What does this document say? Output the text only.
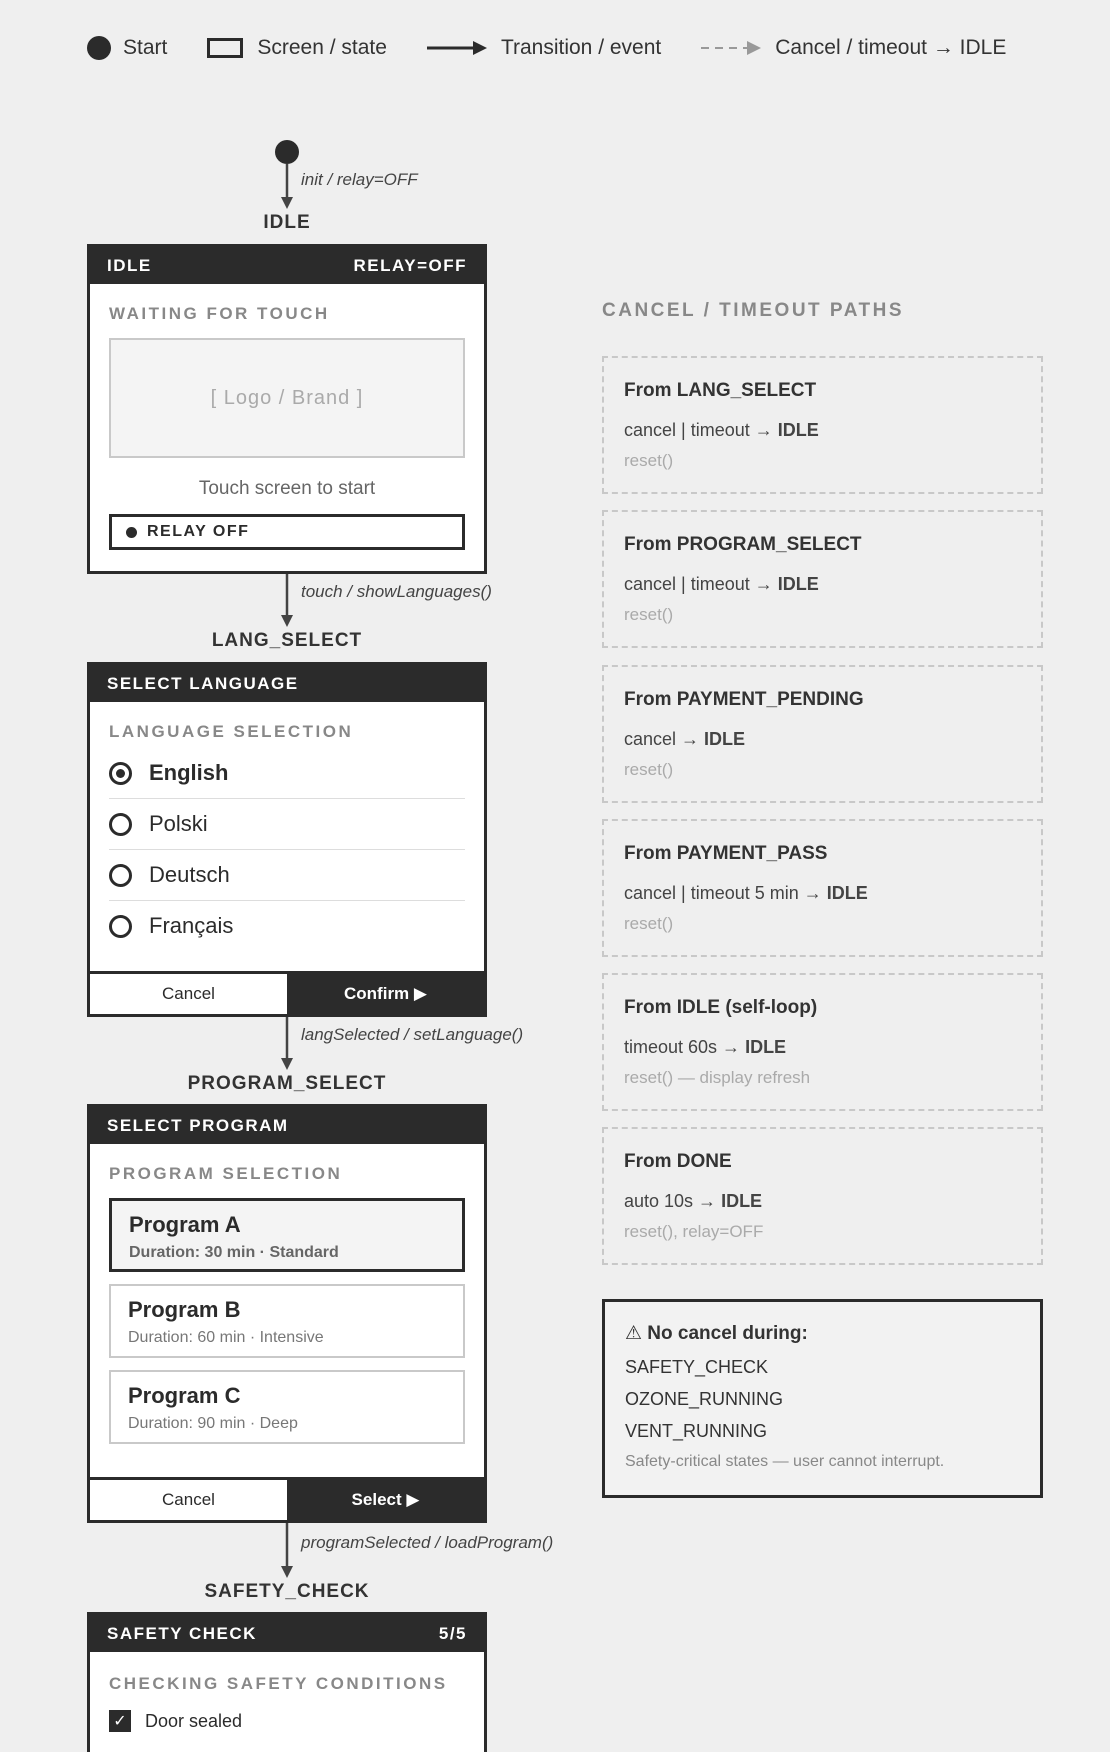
Start	Screen / state	Transition / event	Cancel / timeout → IDLE
init / relay=OFF
IDLE
IDLE	RELAY=OFF
WAITING FOR TOUCH
[ Logo / Brand ]
Touch screen to start
RELAY OFF
touch / showLanguages()
LANG_SELECT
SELECT LANGUAGE
LANGUAGE SELECTION
English
Polski
Deutsch
Français
Cancel	Confirm ▶
langSelected / setLanguage()
PROGRAM_SELECT
SELECT PROGRAM
PROGRAM SELECTION
Program A
Duration: 30 min · Standard
Program B
Duration: 60 min · Intensive
Program C
Duration: 90 min · Deep
Cancel	Select ▶
programSelected / loadProgram()
SAFETY_CHECK
SAFETY CHECK	5/5
CHECKING SAFETY CONDITIONS
✓ Door sealed
CANCEL / TIMEOUT PATHS
From LANG_SELECT
cancel | timeout → IDLE
reset()
From PROGRAM_SELECT
cancel | timeout → IDLE
reset()
From PAYMENT_PENDING
cancel → IDLE
reset()
From PAYMENT_PASS
cancel | timeout 5 min → IDLE
reset()
From IDLE (self-loop)
timeout 60s → IDLE
reset() — display refresh
From DONE
auto 10s → IDLE
reset(), relay=OFF
⚠ No cancel during:
SAFETY_CHECK
OZONE_RUNNING
VENT_RUNNING
Safety-critical states — user cannot interrupt.
